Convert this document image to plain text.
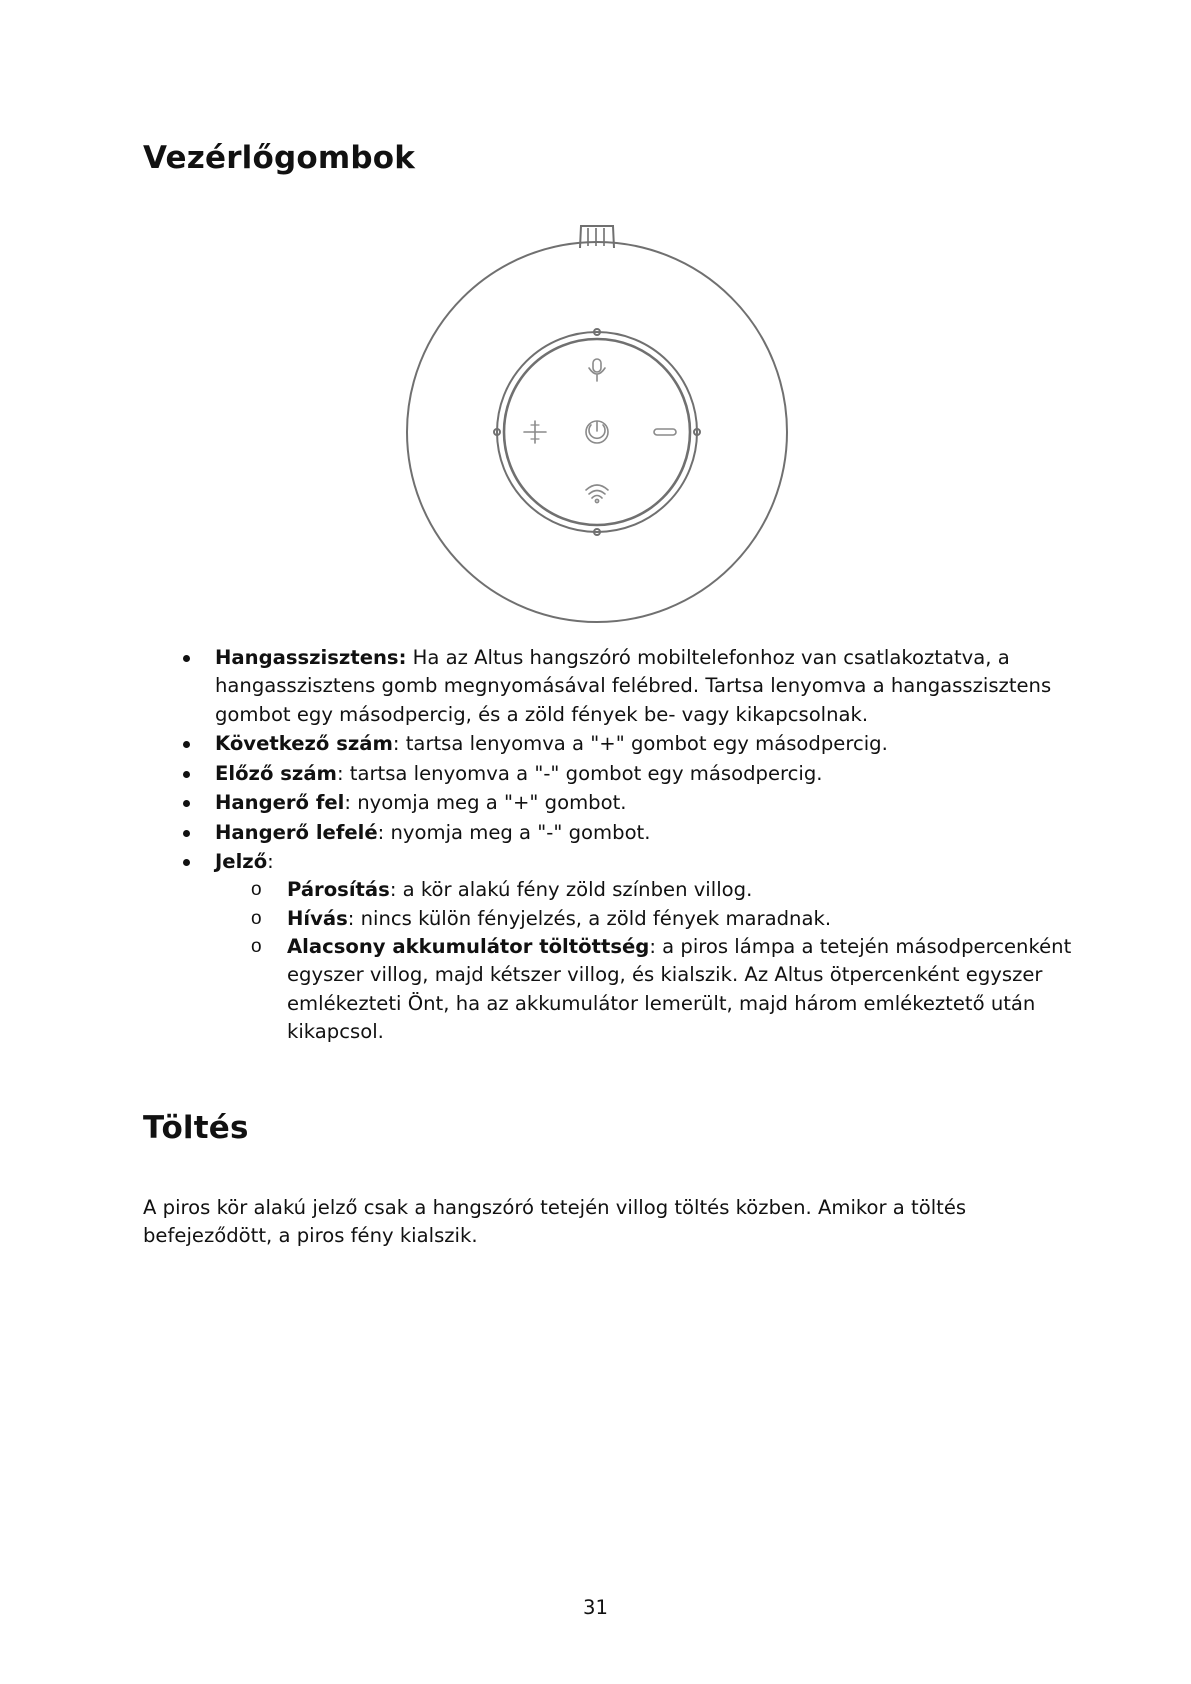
Vezérlőgombok
Hangasszisztens: Ha az Altus hangszóró mobiltelefonhoz van csatlakoztatva, a hangasszisztens gomb megnyomásával felébred. Tartsa lenyomva a hangasszisztens gombot egy másodpercig, és a zöld fények be- vagy kikapcsolnak.
Következő szám: tartsa lenyomva a "+" gombot egy másodpercig.
Előző szám: tartsa lenyomva a "-" gombot egy másodpercig.
Hangerő fel: nyomja meg a "+" gombot.
Hangerő lefelé: nyomja meg a "-" gombot.
Jelző:
o Párosítás: a kör alakú fény zöld színben villog.
o Hívás: nincs külön fényjelzés, a zöld fények maradnak.
o Alacsony akkumulátor töltöttség: a piros lámpa a tetején másodpercenként egyszer villog, majd kétszer villog, és kialszik. Az Altus ötpercenként egyszer emlékezteti Önt, ha az akkumulátor lemerült, majd három emlékeztető után kikapcsol.
Töltés

A piros kör alakú jelző csak a hangszóró tetején villog töltés közben. Amikor a töltés befejeződött, a piros fény kialszik.

31
